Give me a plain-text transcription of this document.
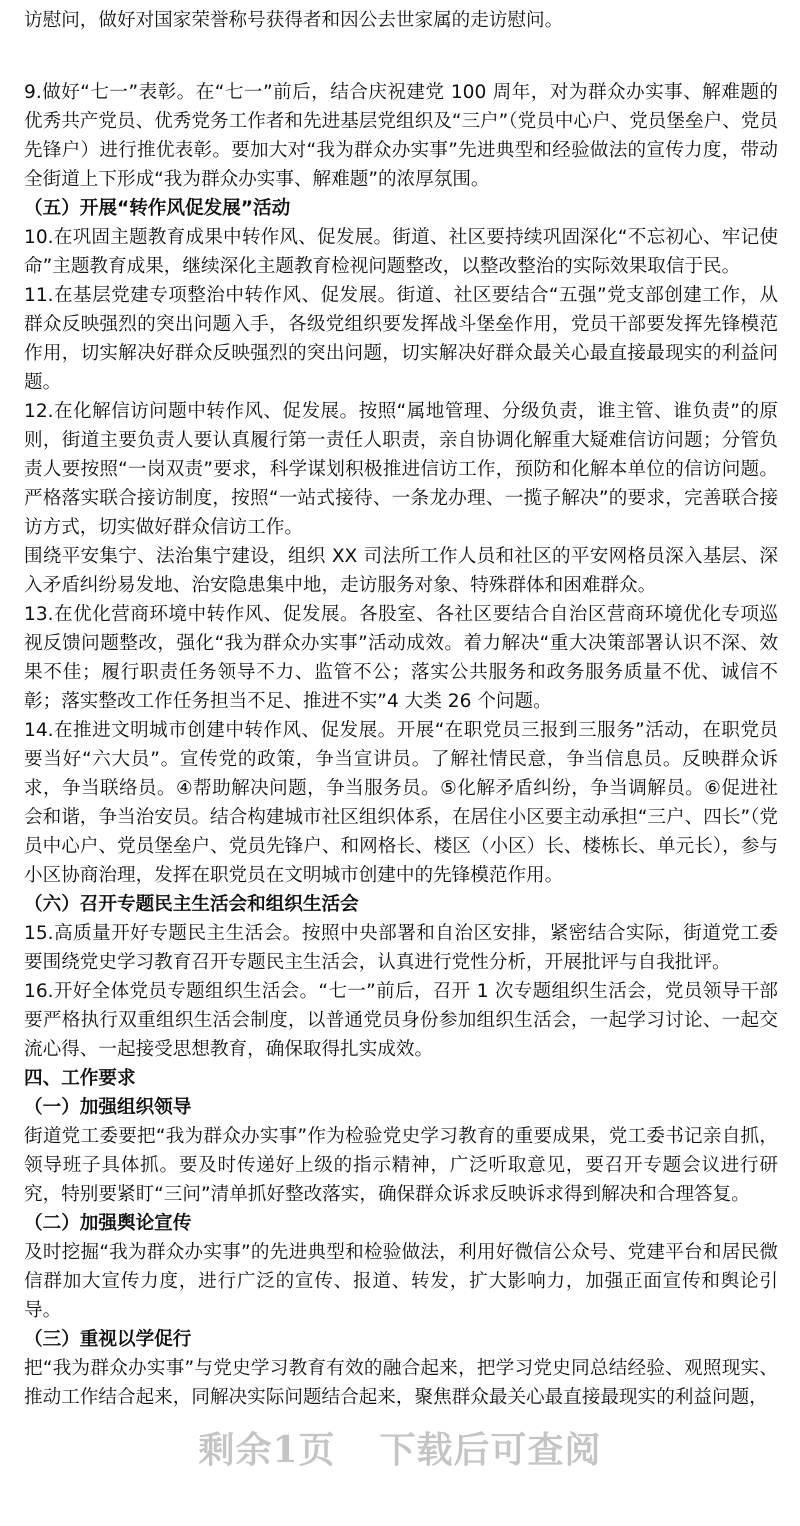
访慰问，做好对国家荣誉称号获得者和因公去世家属的走访慰问。

9.做好“七一”表彰。在“七一”前后，结合庆祝建党 100 周年，对为群众办实事、解难题的优秀共产党员、优秀党务工作者和先进基层党组织及“三户”（党员中心户、党员堡垒户、党员先锋户）进行推优表彰。要加大对“我为群众办实事”先进典型和经验做法的宣传力度，带动全街道上下形成“我为群众办实事、解难题”的浓厚氛围。

（五）开展“转作风促发展”活动

10.在巩固主题教育成果中转作风、促发展。街道、社区要持续巩固深化“不忘初心、牢记使命”主题教育成果，继续深化主题教育检视问题整改，以整改整治的实际效果取信于民。

11.在基层党建专项整治中转作风、促发展。街道、社区要结合“五强”党支部创建工作，从群众反映强烈的突出问题入手，各级党组织要发挥战斗堡垒作用，党员干部要发挥先锋模范作用，切实解决好群众反映强烈的突出问题，切实解决好群众最关心最直接最现实的利益问题。

12.在化解信访问题中转作风、促发展。按照“属地管理、分级负责，谁主管、谁负责”的原则，街道主要负责人要认真履行第一责任人职责，亲自协调化解重大疑难信访问题；分管负责人要按照“一岗双责”要求，科学谋划积极推进信访工作，预防和化解本单位的信访问题。严格落实联合接访制度，按照“一站式接待、一条龙办理、一揽子解决”的要求，完善联合接访方式，切实做好群众信访工作。

围绕平安集宁、法治集宁建设，组织 XX 司法所工作人员和社区的平安网格员深入基层、深入矛盾纠纷易发地、治安隐患集中地，走访服务对象、特殊群体和困难群众。

13.在优化营商环境中转作风、促发展。各股室、各社区要结合自治区营商环境优化专项巡视反馈问题整改，强化“我为群众办实事”活动成效。着力解决“重大决策部署认识不深、效果不佳；履行职责任务领导不力、监管不公；落实公共服务和政务服务质量不优、诚信不彰；落实整改工作任务担当不足、推进不实”4 大类 26 个问题。

14.在推进文明城市创建中转作风、促发展。开展“在职党员三报到三服务”活动，在职党员要当好“六大员”。宣传党的政策，争当宣讲员。了解社情民意，争当信息员。反映群众诉求，争当联络员。④帮助解决问题，争当服务员。⑤化解矛盾纠纷，争当调解员。⑥促进社会和谐，争当治安员。结合构建城市社区组织体系，在居住小区要主动承担“三户、四长”（党员中心户、党员堡垒户、党员先锋户、和网格长、楼区（小区）长、楼栋长、单元长），参与小区协商治理，发挥在职党员在文明城市创建中的先锋模范作用。

（六）召开专题民主生活会和组织生活会

15.高质量开好专题民主生活会。按照中央部署和自治区安排，紧密结合实际，街道党工委要围绕党史学习教育召开专题民主生活会，认真进行党性分析，开展批评与自我批评。

16.开好全体党员专题组织生活会。“七一”前后，召开 1 次专题组织生活会，党员领导干部要严格执行双重组织生活会制度，以普通党员身份参加组织生活会，一起学习讨论、一起交流心得、一起接受思想教育，确保取得扎实成效。

四、工作要求

（一）加强组织领导

街道党工委要把“我为群众办实事”作为检验党史学习教育的重要成果，党工委书记亲自抓，领导班子具体抓。要及时传递好上级的指示精神，广泛听取意见，要召开专题会议进行研究，特别要紧盯“三问”清单抓好整改落实，确保群众诉求反映诉求得到解决和合理答复。

（二）加强舆论宣传

及时挖掘“我为群众办实事”的先进典型和检验做法，利用好微信公众号、党建平台和居民微信群加大宣传力度，进行广泛的宣传、报道、转发，扩大影响力，加强正面宣传和舆论引导。

（三）重视以学促行

把“我为群众办实事”与党史学习教育有效的融合起来，把学习党史同总结经验、观照现实、推动工作结合起来，同解决实际问题结合起来，聚焦群众最关心最直接最现实的利益问题，

剩余1页 下载后可查阅
